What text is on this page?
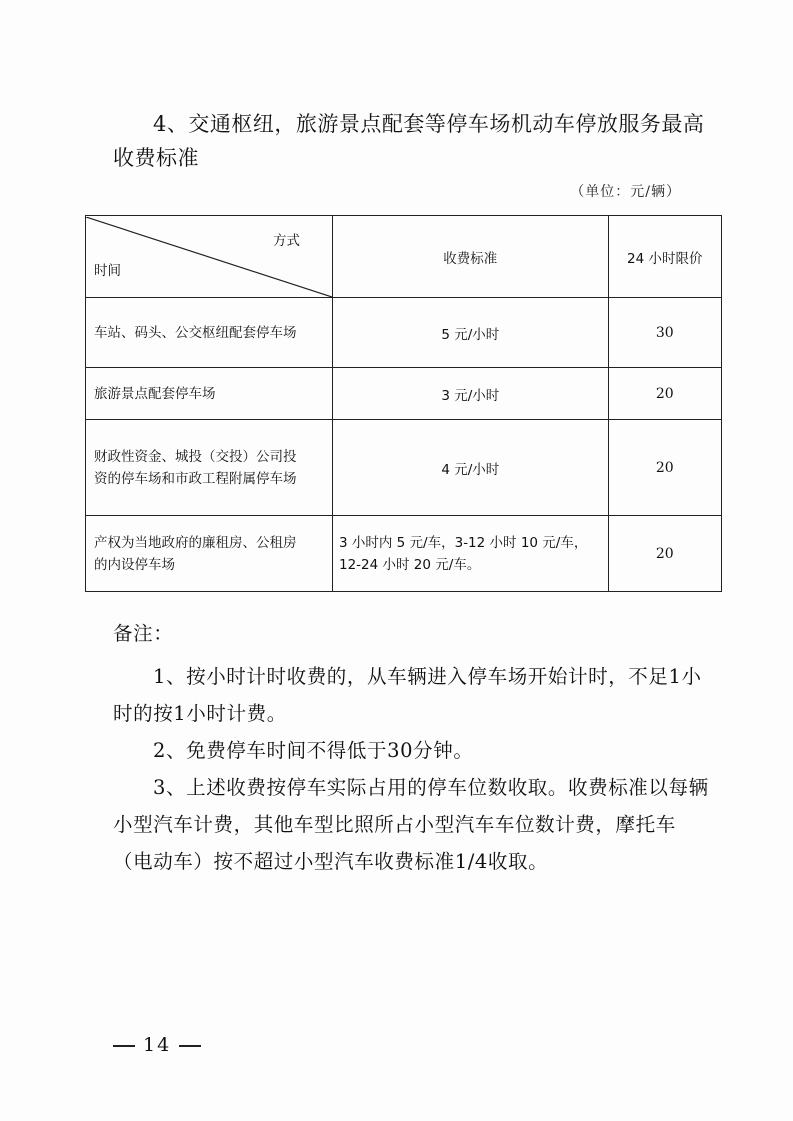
4、交通枢纽，旅游景点配套等停车场机动车停放服务最高
收费标准
（单位：元/辆）
方式
时间	收费标准	24 小时限价
车站、码头、公交枢纽配套停车场	5 元/小时	30
旅游景点配套停车场	3 元/小时	20
财政性资金、城投（交投）公司投
资的停车场和市政工程附属停车场	4 元/小时	20
产权为当地政府的廉租房、公租房
的内设停车场	3 小时内 5 元/车，3-12 小时 10 元/车，
12-24 小时 20 元/车。	20
备注：
1、按小时计时收费的，从车辆进入停车场开始计时，不足1小时的按1小时计费。
2、免费停车时间不得低于30分钟。
3、上述收费按停车实际占用的停车位数收取。收费标准以每辆小型汽车计费，其他车型比照所占小型汽车车位数计费，摩托车（电动车）按不超过小型汽车收费标准1/4收取。
14
